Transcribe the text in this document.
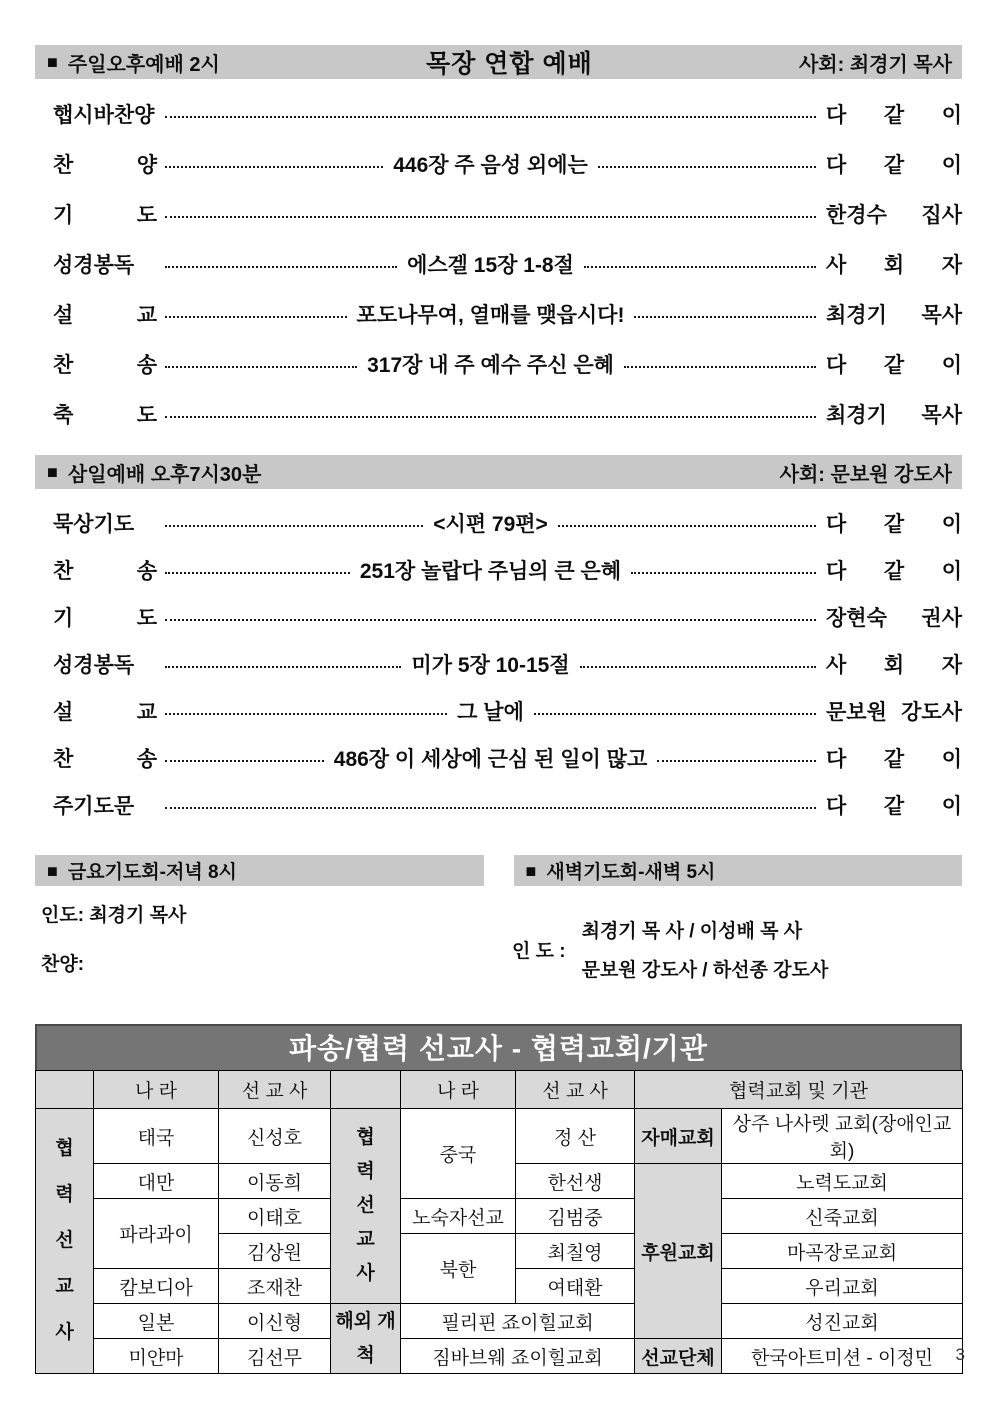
■ 주일오후예배 2시	목장 연합 예배	사회: 최경기 목사
햅시바찬양	다 같 이
찬 양	446장 주 음성 외에는	다 같 이
기 도	한경수 집사
성경봉독	에스겔 15장 1-8절	사 회 자
설 교	포도나무여, 열매를 맺읍시다!	최경기 목사
찬 송	317장 내 주 예수 주신 은혜	다 같 이
축 도	최경기 목사
■ 삼일예배 오후7시30분	사회: 문보원 강도사
묵상기도	<시편 79편>	다 같 이
찬 송	251장 놀랍다 주님의 큰 은혜	다 같 이
기 도	장현숙 권사
성경봉독	미가 5장 10-15절	사 회 자
설 교	그 날에	문보원 강도사
찬 송	486장 이 세상에 근심 된 일이 많고	다 같 이
주기도문	다 같 이
■ 금요기도회-저녁 8시	■ 새벽기도회-새벽 5시
인도: 최경기 목사
찬양:
인 도 :
최경기 목 사 / 이성배 목 사
문보원 강도사 / 하선종 강도사
파송/협력 선교사 - 협력교회/기관
	나 라	선 교 사		나 라	선 교 사	협력교회 및 기관	

협력선교사	태국	신성호	협력선교사	중국	정 산	자매교회	상주 나사렛 교회(장애인교회)
	대만	이동희			한선생	후원교회	노력도교회
	파라과이	이태호		노숙자선교	김범중		신죽교회
		김상원		북한	최칠영		마곡장로교회
	캄보디아	조재찬			여태환		우리교회
	일본	이신형	해외 개척	필리핀 죠이힐교회			성진교회
	미얀마	김선무		짐바브웨 죠이힐교회		선교단체	한국아트미션 - 이정민 3
